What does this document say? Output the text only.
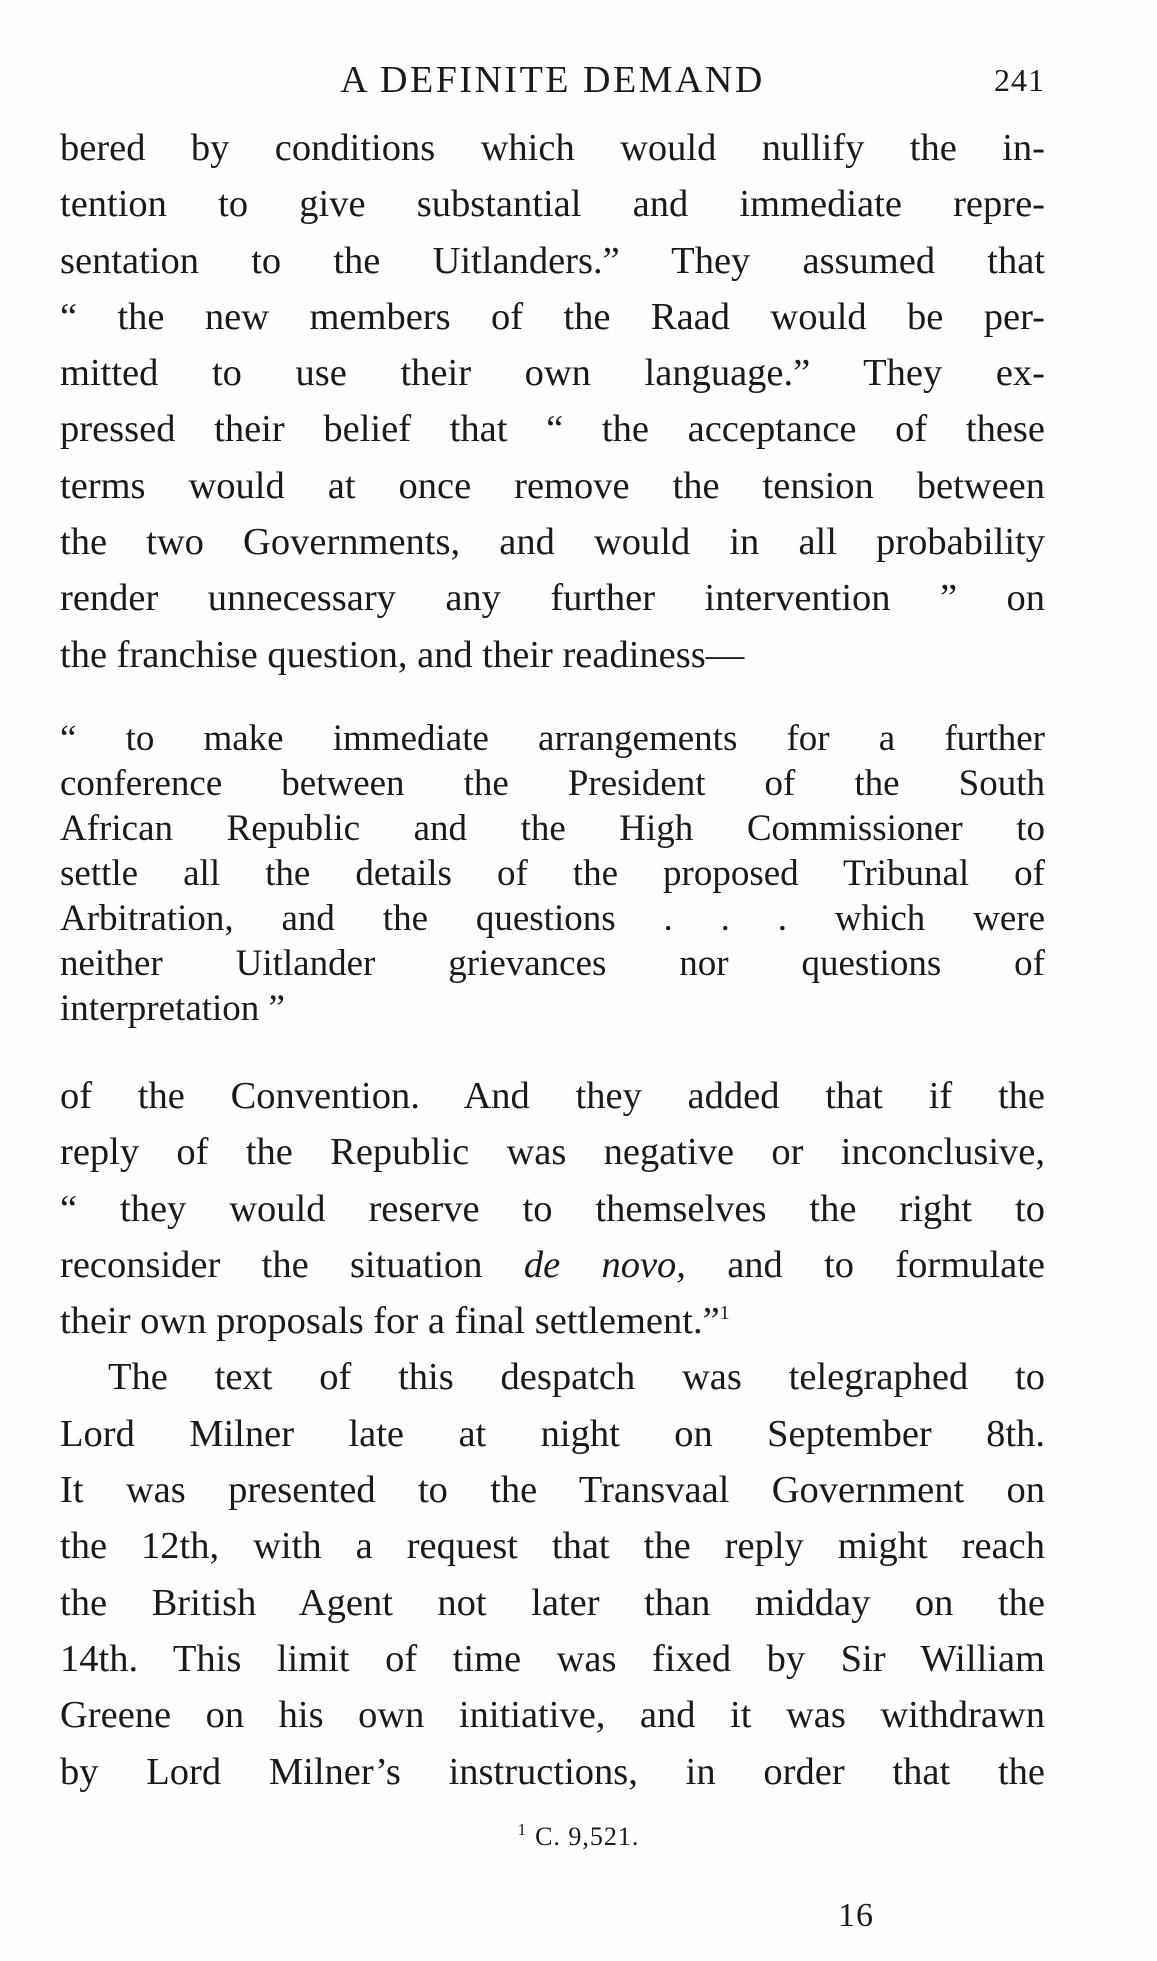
A DEFINITE DEMAND	241

bered by conditions which would nullify the in-

tention to give substantial and immediate repre-

sentation to the Uitlanders.” They assumed that

“ the new members of the Raad would be per-

mitted to use their own language.” They ex-

pressed their belief that “ the acceptance of these

terms would at once remove the tension between

the two Governments, and would in all probability

render unnecessary any further intervention ” on

the franchise question, and their readiness—

“ to make immediate arrangements for a further

conference between the President of the South

African Republic and the High Commissioner to

settle all the details of the proposed Tribunal of

Arbitration, and the questions . . . which were

neither Uitlander grievances nor questions of

interpretation ”

of the Convention. And they added that if the

reply of the Republic was negative or inconclusive,

“ they would reserve to themselves the right to

reconsider the situation de novo, and to formulate

their own proposals for a final settlement.”$^1$

The text of this despatch was telegraphed to

Lord Milner late at night on September 8th.

It was presented to the Transvaal Government on

the 12th, with a request that the reply might reach

the British Agent not later than midday on the

14th. This limit of time was fixed by Sir William

Greene on his own initiative, and it was withdrawn

by Lord Milner’s instructions, in order that the

$^1$ C. 9,521.
16
